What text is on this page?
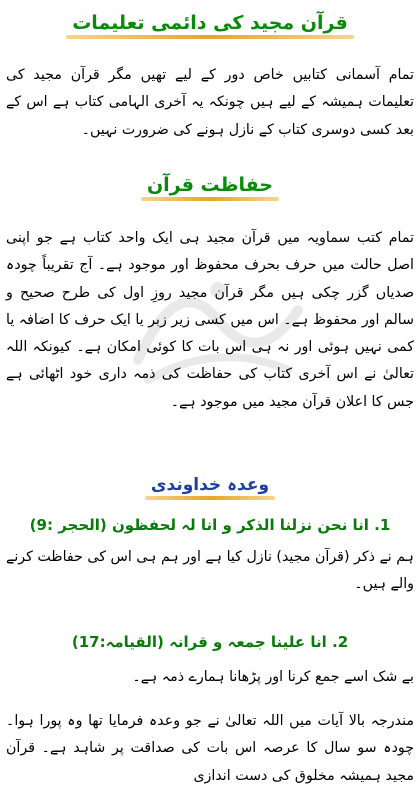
قرآن مجید کی دائمی تعلیمات
تمام آسمانی کتابیں خاص دور کے لیے تھیں مگر قرآن مجید کی تعلیمات ہمیشہ کے لیے ہیں چونکہ یہ آخری الہامی کتاب ہے اس کے بعد کسی دوسری کتاب کے نازل ہونے کی ضرورت نہیں۔
حفاظت قرآن
تمام کتب سماویہ میں قرآن مجید ہی ایک واحد کتاب ہے جو اپنی اصل حالت میں حرف بحرف محفوظ اور موجود ہے۔ آج تقریباً چودہ صدیاں گزر چکی ہیں مگر قرآن مجید روزِ اول کی طرح صحیح و سالم اور محفوظ ہے۔ اس میں کسی زیر زبر یا ایک حرف کا اضافہ یا کمی نہیں ہوئی اور نہ ہی اس بات کا کوئی امکان ہے۔ کیونکہ اللہ تعالیٰ نے اس آخری کتاب کی حفاظت کی ذمہ داری خود اٹھائی ہے جس کا اعلان قرآن مجید میں موجود ہے۔
وعدہ خداوندی
1. انا نحن نزلنا الذکر و انا لہ لحفظون (الحجر :9)
ہم نے ذکر (قرآن مجید) نازل کیا ہے اور ہم ہی اس کی حفاظت کرنے والے ہیں۔
2. انا علینا جمعہ و قرانہ (القیامہ:17)
بے شک اسے جمع کرنا اور پڑھانا ہمارے ذمہ ہے۔
مندرجہ بالا آیات میں اللہ تعالیٰ نے جو وعدہ فرمایا تھا وہ پورا ہوا۔ چودہ سو سال کا عرصہ اس بات کی صداقت پر شاہد ہے۔ قرآن مجید ہمیشہ مخلوق کی دست اندازی
